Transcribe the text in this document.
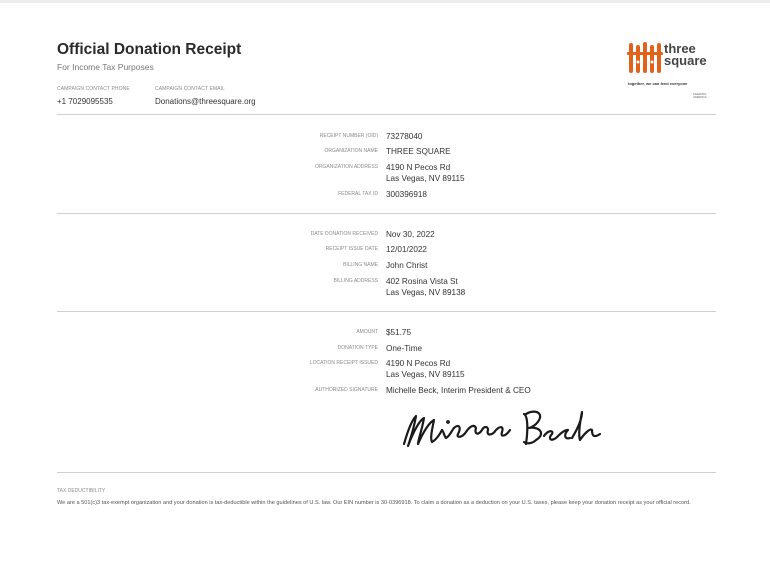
Official Donation Receipt
For Income Tax Purposes
CAMPAIGN CONTACT PHONE
+1 7029095535
CAMPAIGN CONTACT EMAIL
Donations@threesquare.org
three
square
together, we can feed everyone
FEEDING
AMERICA
RECEIPT NUMBER (OID) 73278040
ORGANIZATION NAME THREE SQUARE
ORGANIZATION ADDRESS 4190 N Pecos Rd
Las Vegas, NV 89115
FEDERAL TAX ID 300396918
DATE DONATION RECEIVED Nov 30, 2022
RECEIPT ISSUE DATE 12/01/2022
BILLING NAME John Christ
BILLING ADDRESS 402 Rosina Vista St
Las Vegas, NV 89138
AMOUNT $51.75
DONATION TYPE One-Time
LOCATION RECEIPT ISSUED 4190 N Pecos Rd
Las Vegas, NV 89115
AUTHORIZED SIGNATURE Michelle Beck, Interim President & CEO
TAX DEDUCTIBILITY
We are a 501(c)3 tax-exempt organization and your donation is tax-deductible within the guidelines of U.S. law. Our EIN number is 30-0396918. To claim a donation as a deduction on your U.S. taxes, please keep your donation receipt as your official record.
